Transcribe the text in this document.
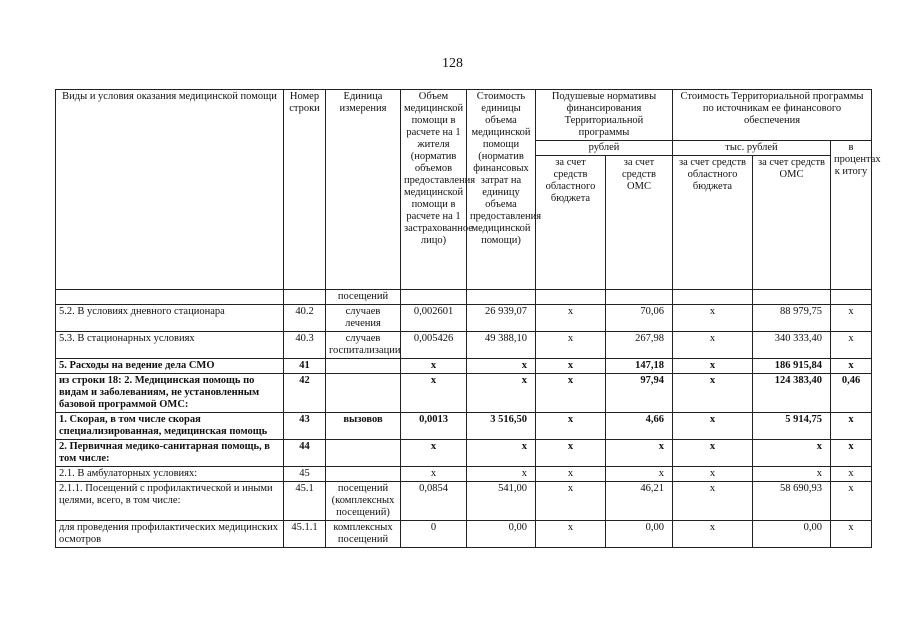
128
Виды и условия оказания медицинской помощи	Номер строки	Единица измерения	Объем медицинской помощи в расчете на 1 жителя (норматив объемов предоставления медицинской помощи в расчете на 1 застрахованное лицо)	Стоимость единицы объема медицинской помощи (норматив финансовых затрат на единицу объема предоставления медицинской помощи)	Подушевые нормативы финансирования Территориальной программы		Стоимость Территориальной программы по источникам ее финансового обеспечения		
					рублей		тыс. рублей		в процентах к итогу
					за счет средств областного бюджета	за счет средств ОМС	за счет средств областного бюджета	за счет средств ОМС	
		посещений							
5.2. В условиях дневного стационара	40.2	случаев лечения	0,002601	26 939,07	х	70,06	х	88 979,75	х
5.3. В стационарных условиях	40.3	случаев госпитализации	0,005426	49 388,10	х	267,98	х	340 333,40	х
5. Расходы на ведение дела СМО	41		х	х	х	147,18	х	186 915,84	х
из строки 18: 2. Медицинская помощь по видам и заболеваниям, не установленным базовой программой ОМС:	42		х	х	х	97,94	х	124 383,40	0,46
1. Скорая, в том числе скорая специализированная, медицинская помощь	43	вызовов	0,0013	3 516,50	х	4,66	х	5 914,75	х
2. Первичная медико-санитарная помощь, в том числе:	44		х	х	х	х	х	х	х
2.1. В амбулаторных условиях:	45		х	х	х	х	х	х	х
2.1.1. Посещений с профилактической и иными целями, всего, в том числе:	45.1	посещений (комплексных посещений)	0,0854	541,00	х	46,21	х	58 690,93	х
для проведения профилактических медицинских осмотров	45.1.1	комплексных посещений	0	0,00	х	0,00	х	0,00	х
